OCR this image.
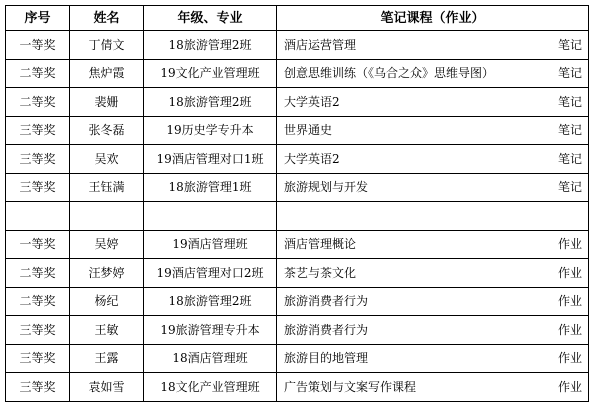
序号	姓名	年级、专业	笔记课程（作业）
一等奖	丁倩文	18旅游管理2班	酒店运营管理 笔记

二等奖	焦炉霞	19文化产业管理班	创意思维训练（《乌合之众》思维导图） 笔记

二等奖	裴姗	18旅游管理2班	大学英语2 笔记

三等奖	张冬磊	19历史学专升本	世界通史 笔记

三等奖	吴欢	19酒店管理对口1班	大学英语2 笔记

三等奖	王钰满	18旅游管理1班	旅游规划与开发 笔记

一等奖	吴婷	19酒店管理班	酒店管理概论 作业

二等奖	汪梦婷	19酒店管理对口2班	茶艺与茶文化 作业

二等奖	杨纪	18旅游管理2班	旅游消费者行为 作业

三等奖	王敏	19旅游管理专升本	旅游消费者行为 作业

三等奖	王露	18酒店管理班	旅游目的地管理 作业

三等奖	袁如雪	18文化产业管理班	广告策划与文案写作课程 作业
